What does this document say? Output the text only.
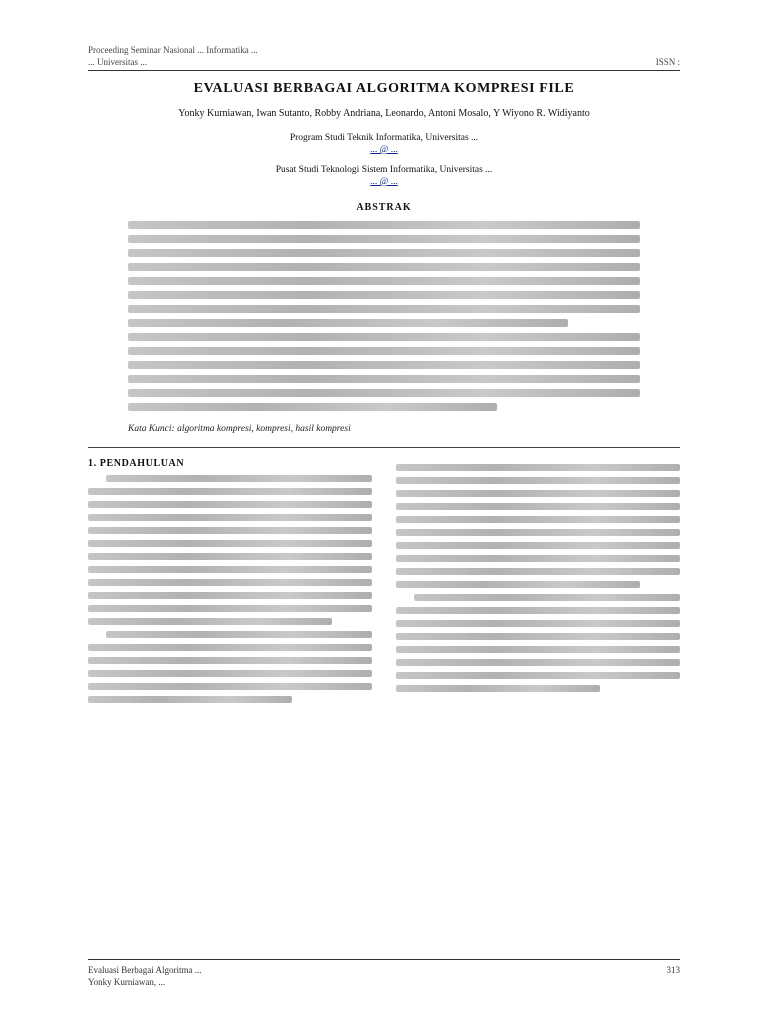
Proceeding Seminar Nasional ... Informatika ...
... Universitas ...	ISSN :
EVALUASI BERBAGAI ALGORITMA KOMPRESI FILE
Yonky Kurniawan, Iwan Sutanto, Robby Andriana, Leonardo, Antoni Mosalo, Y Wiyono R. Widiyanto
Program Studi Teknik Informatika, Universitas ...
... @ ...
Pusat Studi Teknologi Sistem Informatika, Universitas ...
... @ ...
ABSTRAK
Kata Kunci: algoritma kompresi, kompresi, hasil kompresi
1. PENDAHULUAN
Evaluasi Berbagai Algoritma ...
Yonky Kurniawan, ...
313
